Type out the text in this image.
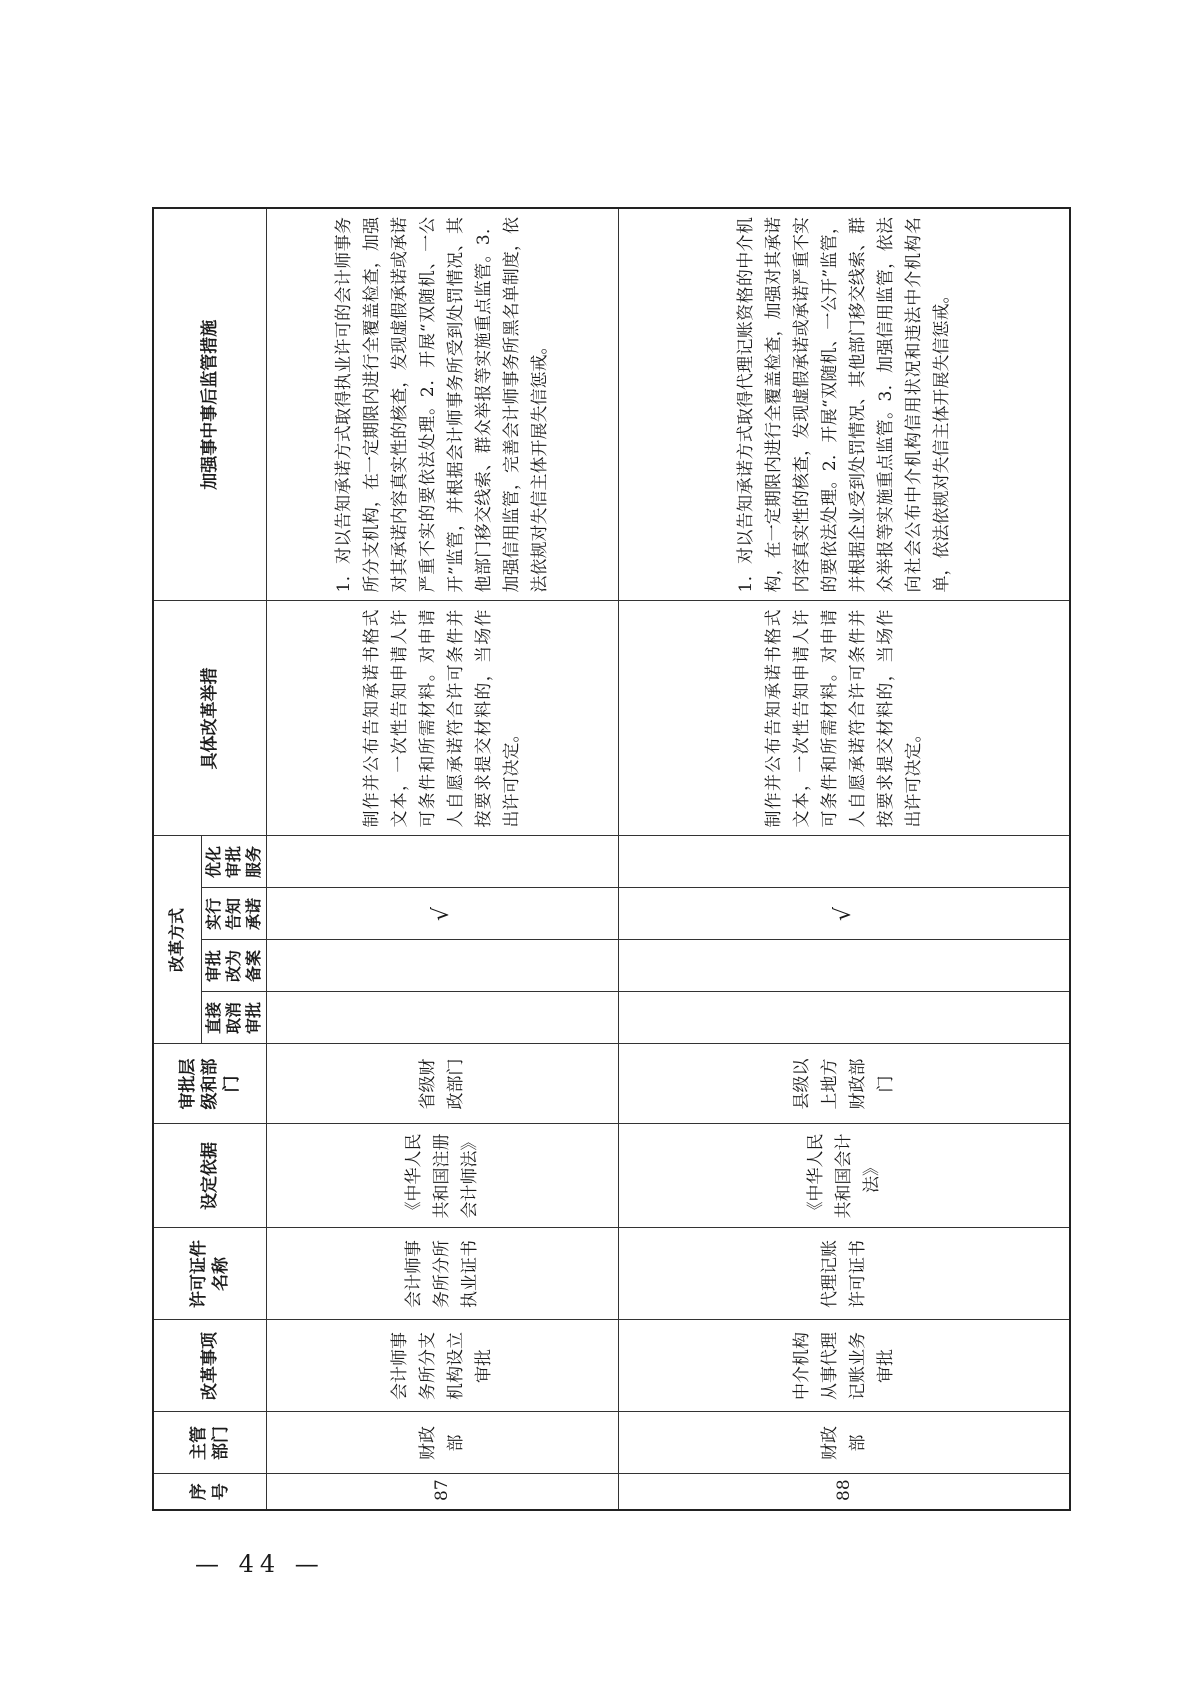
序号	主管部门	改革事项	许可证件名称	设定依据	审批层级和部门	改革方式				具体改革举措	加强事中事后监管措施
						直接取消审批	审批改为备案	实行告知承诺	优化审批服务		
87	财政部	会计师事务所分支机构设立审批	会计师事务所分所执业证书	《中华人民共和国注册会计师法》	省级财政部门			√		制作并公布告知承诺书格式文本，一次性告知申请人许可条件和所需材料。对申请人自愿承诺符合许可条件并按要求提交材料的，当场作出许可决定。	1．对以告知承诺方式取得执业许可的会计师事务所分支机构，在一定期限内进行全覆盖检查，加强对其承诺内容真实性的核查，发现虚假承诺或承诺严重不实的要依法处理。2．开展“双随机、一公开”监管，并根据会计师事务所受到处罚情况、其他部门移交线索、群众举报等实施重点监管。3．加强信用监管，完善会计师事务所黑名单制度，依法依规对失信主体开展失信惩戒。
88	财政部	中介机构从事代理记账业务审批	代理记账许可证书	《中华人民共和国会计法》	县级以上地方财政部门			√		制作并公布告知承诺书格式文本，一次性告知申请人许可条件和所需材料。对申请人自愿承诺符合许可条件并按要求提交材料的，当场作出许可决定。	1．对以告知承诺方式取得代理记账资格的中介机构，在一定期限内进行全覆盖检查，加强对其承诺内容真实性的核查，发现虚假承诺或承诺严重不实的要依法处理。2．开展“双随机、一公开”监管，并根据企业受到处罚情况、其他部门移交线索、群众举报等实施重点监管。3．加强信用监管，依法向社会公布中介机构信用状况和违法中介机构名单，依法依规对失信主体开展失信惩戒。
— 44 —
